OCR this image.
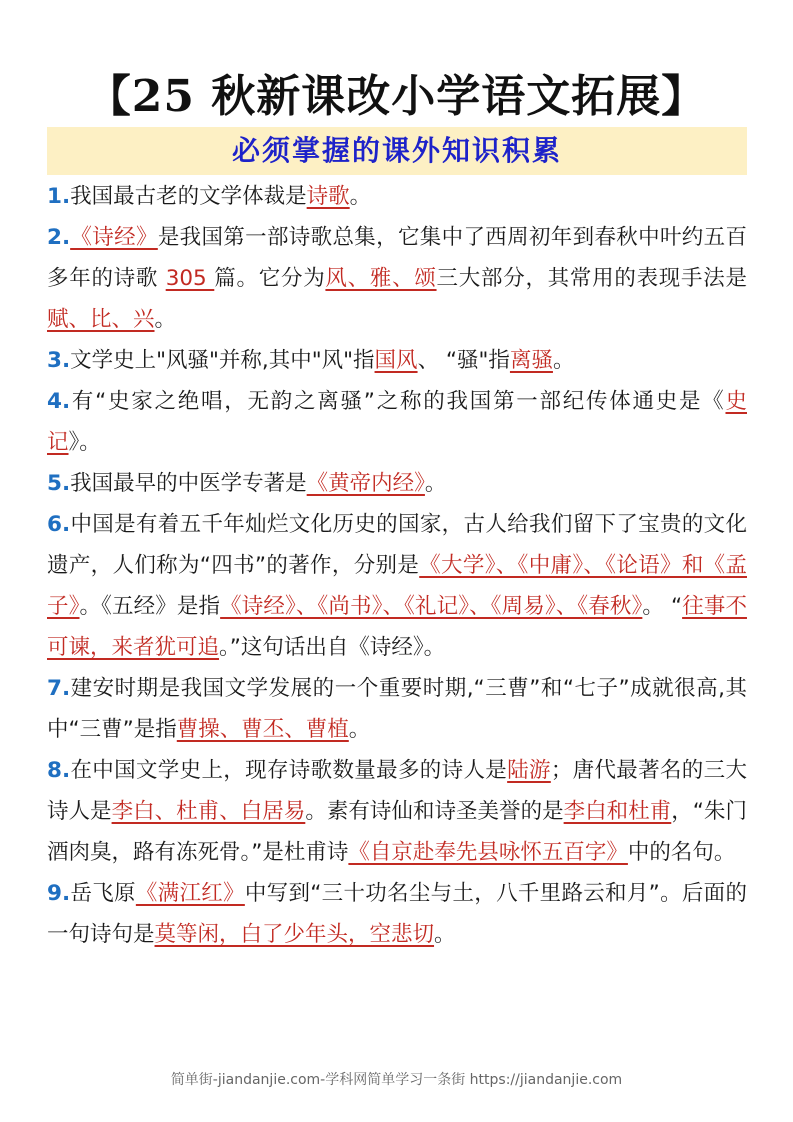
【25 秋新课改小学语文拓展】
必须掌握的课外知识积累

1.我国最古老的文学体裁是诗歌。

2.《诗经》是我国第一部诗歌总集，它集中了西周初年到春秋中叶约五百多年的诗歌 305 篇。它分为风、雅、颂三大部分，其常用的表现手法是赋、比、兴。

3.文学史上"风骚"并称,其中"风"指国风、 “骚"指离骚。

4.有“史家之绝唱，无韵之离骚”之称的我国第一部纪传体通史是《史记》。

5.我国最早的中医学专著是《黄帝内经》。

6.中国是有着五千年灿烂文化历史的国家，古人给我们留下了宝贵的文化遗产，人们称为“四书”的著作，分别是《大学》、《中庸》、《论语》和《孟子》。《五经》是指《诗经》、《尚书》、《礼记》、《周易》、《春秋》。 “往事不可谏，来者犹可追。”这句话出自《诗经》。

7.建安时期是我国文学发展的一个重要时期,“三曹”和“七子”成就很高,其中“三曹”是指曹操、曹丕、曹植。

8.在中国文学史上，现存诗歌数量最多的诗人是陆游；唐代最著名的三大诗人是李白、杜甫、白居易。素有诗仙和诗圣美誉的是李白和杜甫，“朱门酒肉臭，路有冻死骨。”是杜甫诗《自京赴奉先县咏怀五百字》中的名句。

9.岳飞原《满江红》中写到“三十功名尘与土，八千里路云和月”。后面的一句诗句是莫等闲，白了少年头，空悲切。

简单街-jiandanjie.com-学科网简单学习一条街 https://jiandanjie.com
